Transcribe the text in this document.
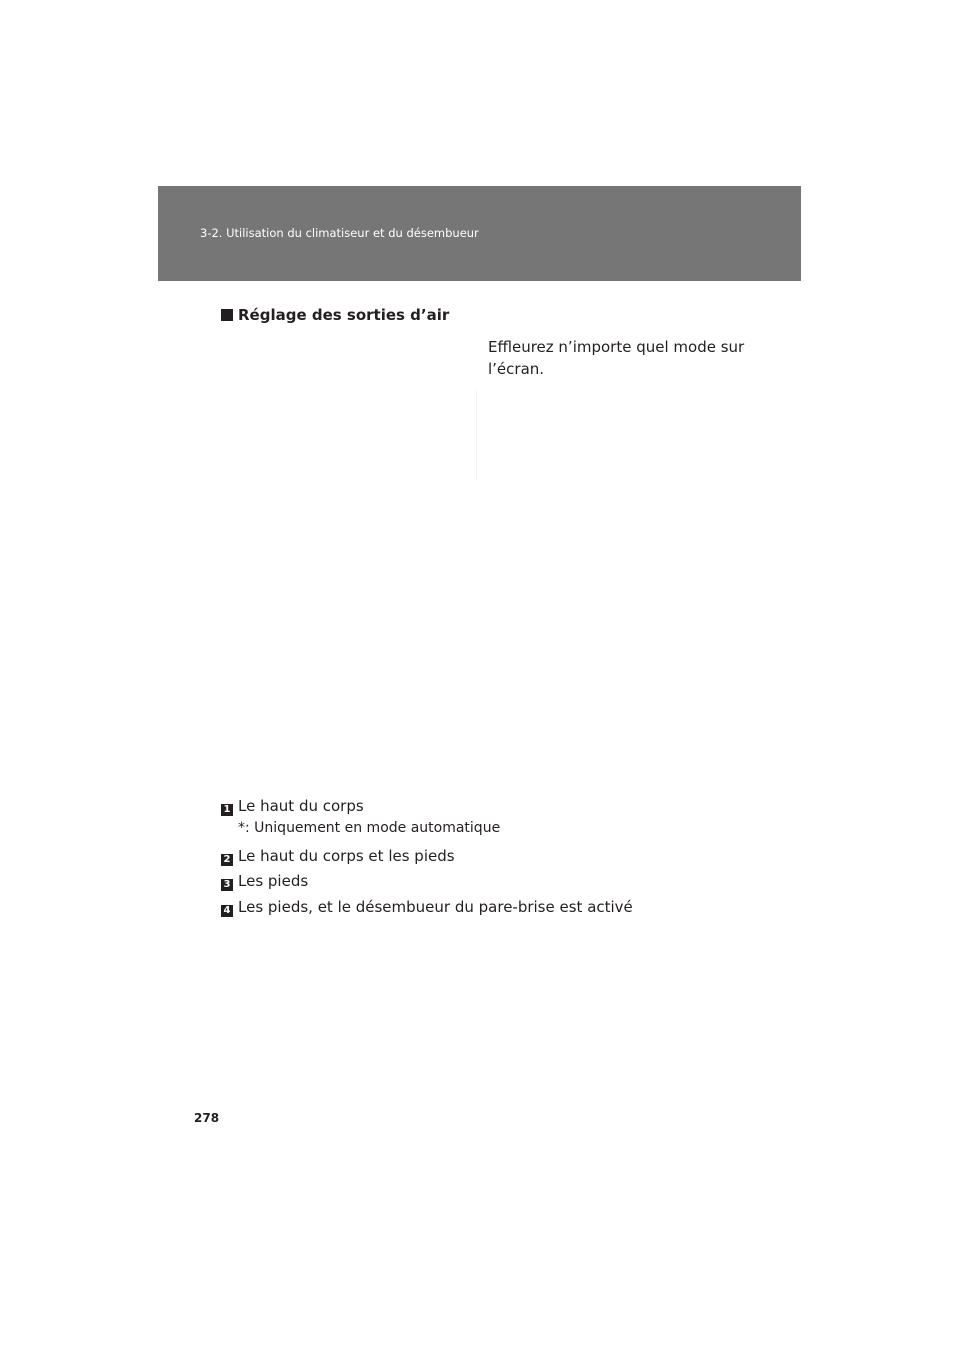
3-2. Utilisation du climatiseur et du désembueur
Réglage des sorties d’air
Effleurez n’importe quel mode sur l’écran.
1 Le haut du corps
*: Uniquement en mode automatique
2 Le haut du corps et les pieds
3 Les pieds
4 Les pieds, et le désembueur du pare-brise est activé
278
